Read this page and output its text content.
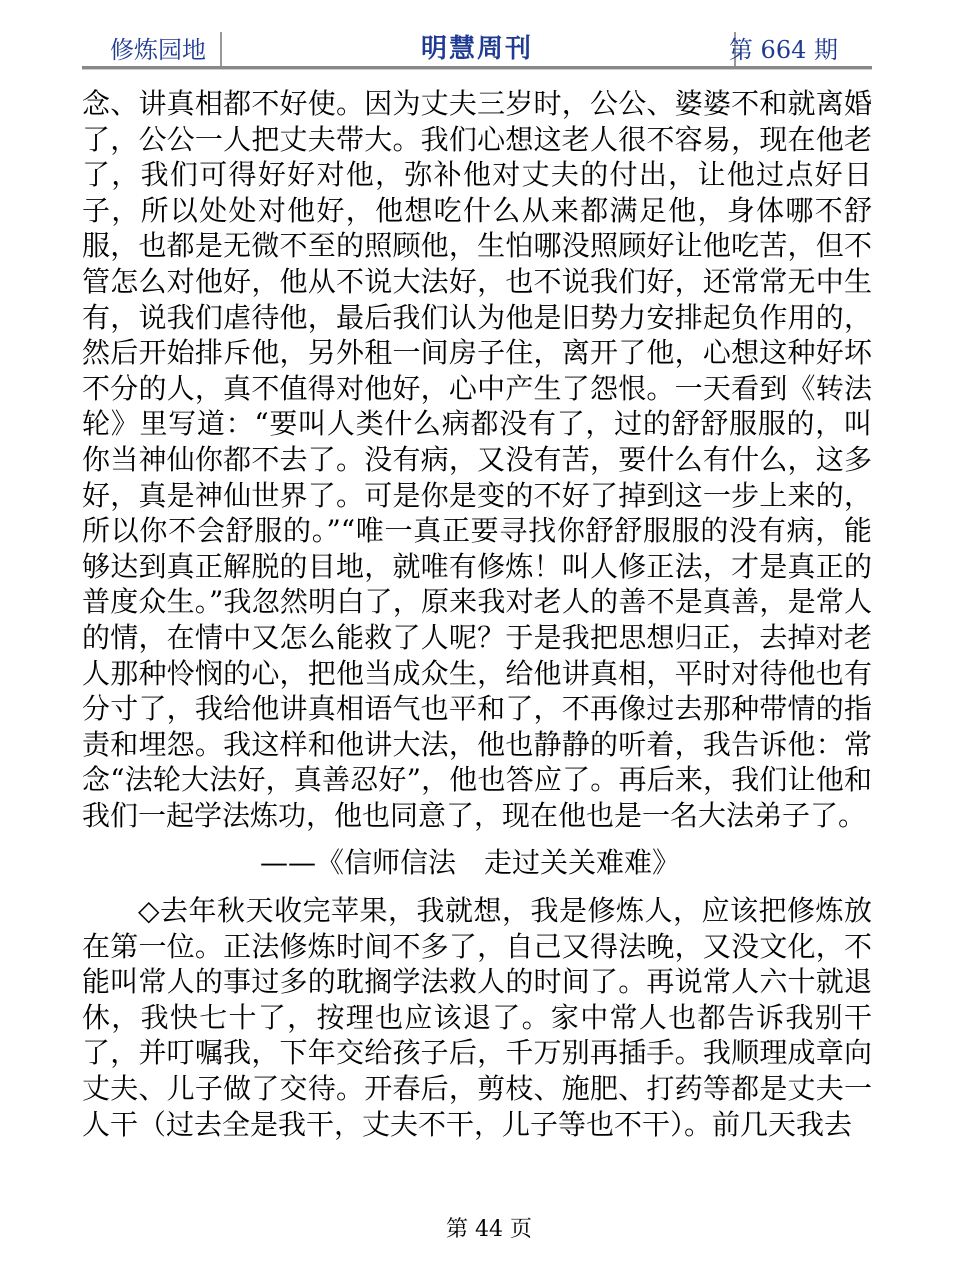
修炼园地	明慧周刊	第 664 期

念、讲真相都不好使。因为丈夫三岁时，公公、婆婆不和就离婚了，公公一人把丈夫带大。我们心想这老人很不容易，现在他老了，我们可得好好对他，弥补他对丈夫的付出，让他过点好日子，所以处处对他好，他想吃什么从来都满足他，身体哪不舒服，也都是无微不至的照顾他，生怕哪没照顾好让他吃苦，但不管怎么对他好，他从不说大法好，也不说我们好，还常常无中生有，说我们虐待他，最后我们认为他是旧势力安排起负作用的，然后开始排斥他，另外租一间房子住，离开了他，心想这种好坏不分的人，真不值得对他好，心中产生了怨恨。一天看到《转法轮》里写道：“要叫人类什么病都没有了，过的舒舒服服的，叫你当神仙你都不去了。没有病，又没有苦，要什么有什么，这多好，真是神仙世界了。可是你是变的不好了掉到这一步上来的，所以你不会舒服的。”“唯一真正要寻找你舒舒服服的没有病，能够达到真正解脱的目地，就唯有修炼！叫人修正法，才是真正的普度众生。”我忽然明白了，原来我对老人的善不是真善，是常人的情，在情中又怎么能救了人呢？于是我把思想归正，去掉对老人那种怜悯的心，把他当成众生，给他讲真相，平时对待他也有分寸了，我给他讲真相语气也平和了，不再像过去那种带情的指责和埋怨。我这样和他讲大法，他也静静的听着，我告诉他：常念“法轮大法好，真善忍好”，他也答应了。再后来，我们让他和我们一起学法炼功，他也同意了，现在他也是一名大法弟子了。

——《信师信法　走过关关难难》

◇去年秋天收完苹果，我就想，我是修炼人，应该把修炼放在第一位。正法修炼时间不多了，自己又得法晚，又没文化，不能叫常人的事过多的耽搁学法救人的时间了。再说常人六十就退休，我快七十了，按理也应该退了。家中常人也都告诉我别干了，并叮嘱我，下年交给孩子后，千万别再插手。我顺理成章向丈夫、儿子做了交待。开春后，剪枝、施肥、打药等都是丈夫一人干（过去全是我干，丈夫不干，儿子等也不干）。前几天我去

第 44 页
